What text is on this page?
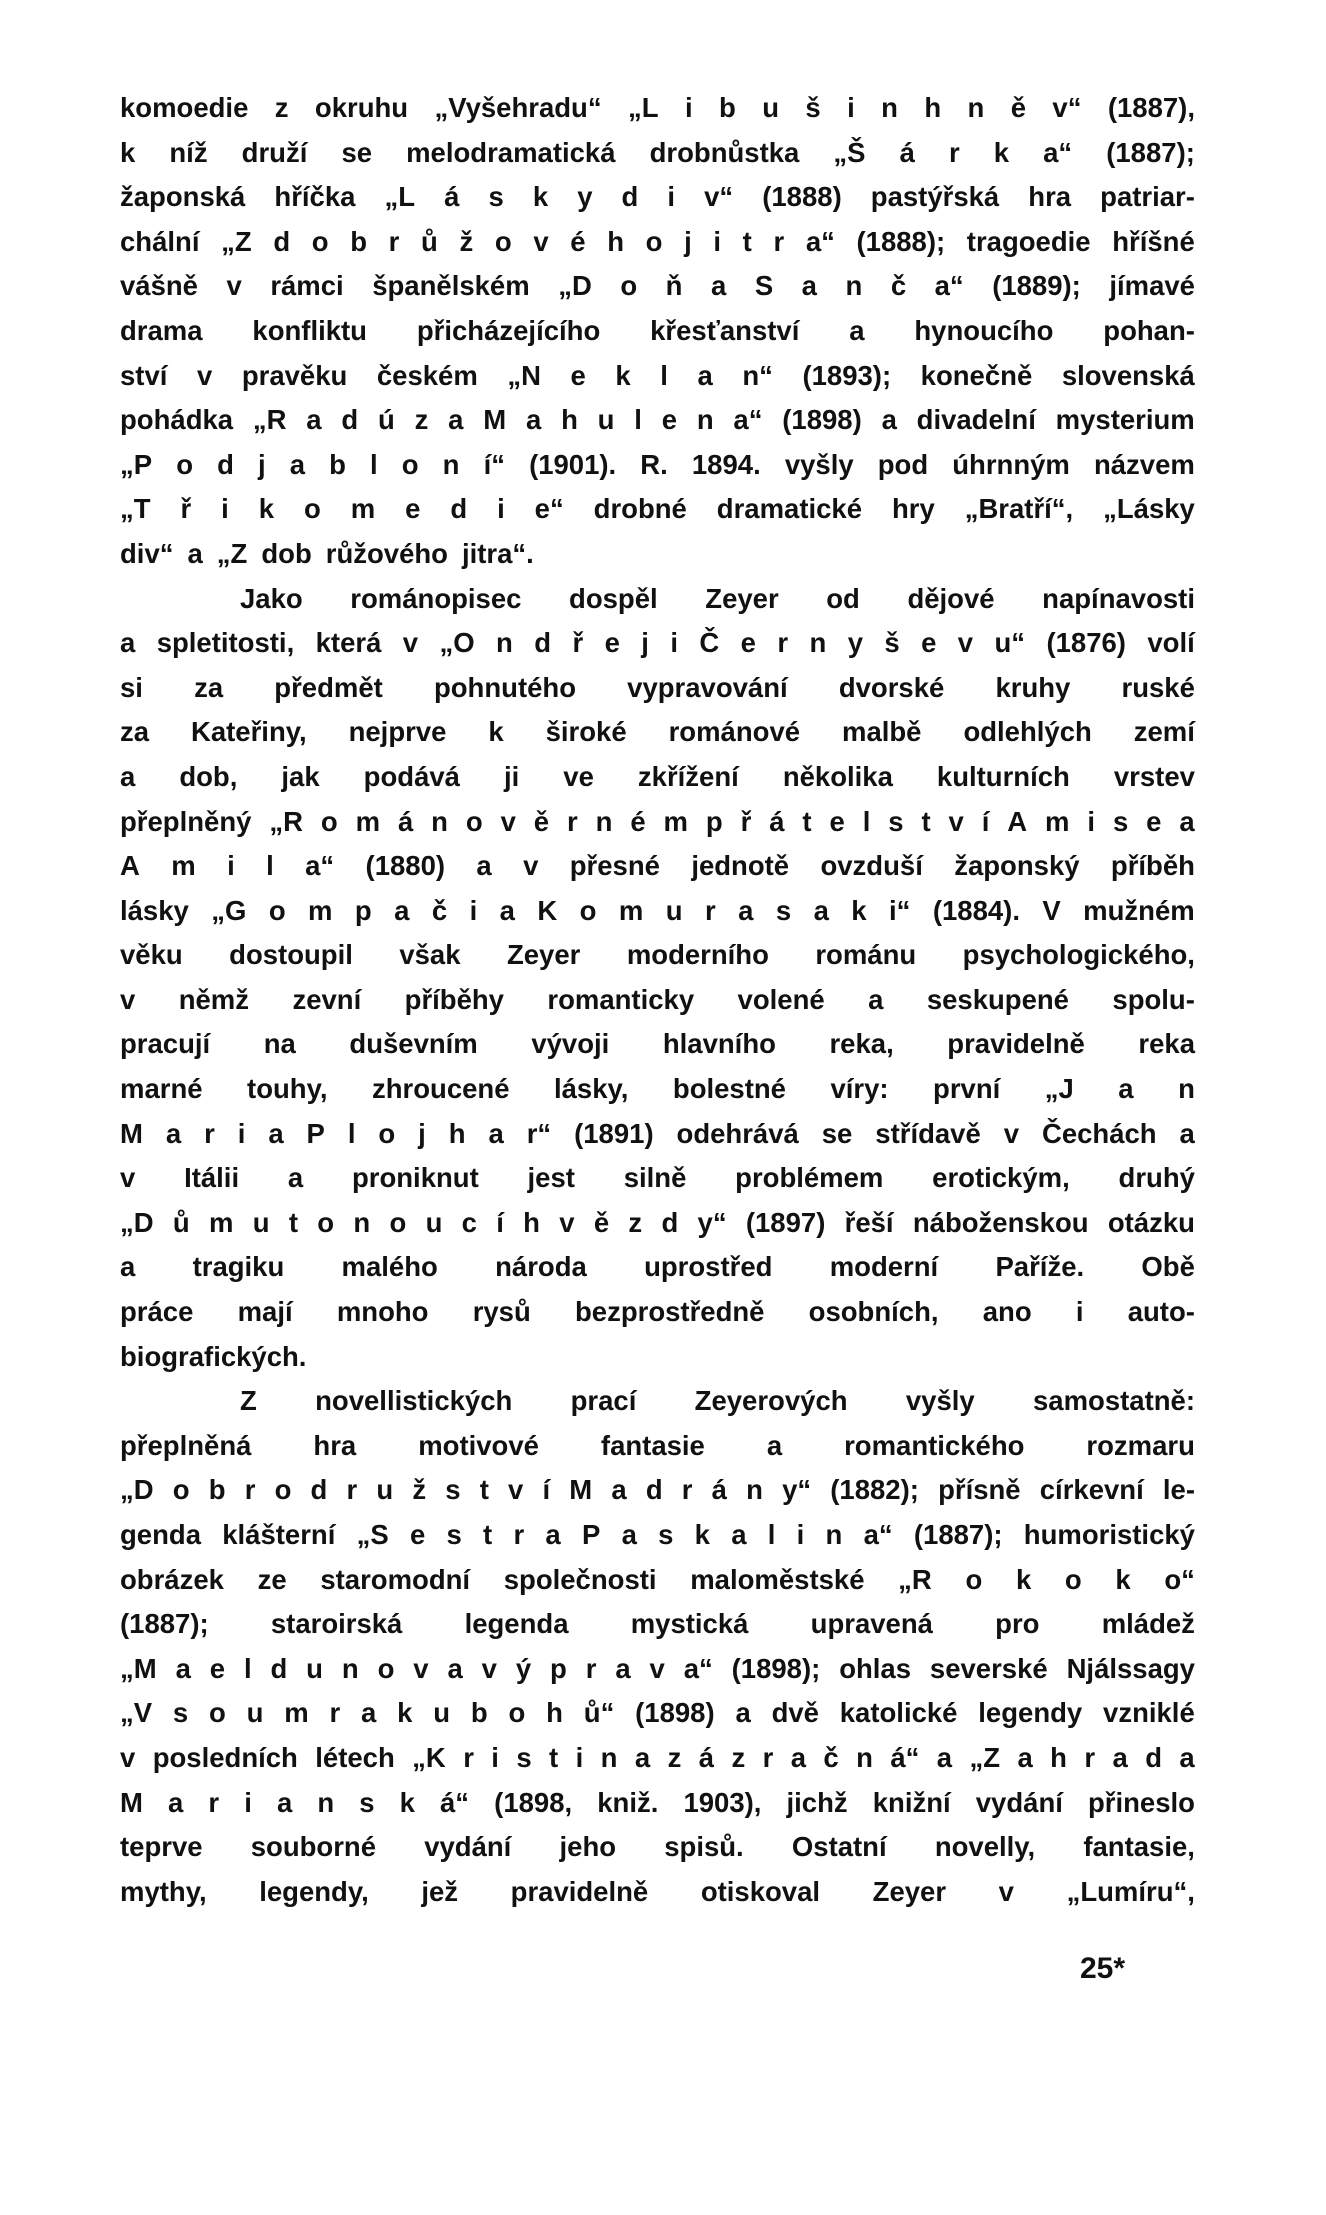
komoedie z okruhu „Vyšehradu“ „L i b u š i n h n ě v“ (1887),
k níž druží se melodramatická drobnůstka „Š á r k a“ (1887);
žaponská hříčka „L á s k y d i v“ (1888) pastýřská hra patriar-
chální „Z d o b r ů ž o v é h o j i t r a“ (1888); tragoedie hříšné
vášně v rámci španělském „D o ň a S a n č a“ (1889); jímavé
drama konfliktu přicházejícího křesťanství a hynoucího pohan-
ství v pravěku českém „N e k l a n“ (1893); konečně slovenská
pohádka „R a d ú z a M a h u l e n a“ (1898) a divadelní mysterium
„P o d j a b l o n í“ (1901). R. 1894. vyšly pod úhrnným názvem
„T ř i k o m e d i e“ drobné dramatické hry „Bratří“, „Lásky
div“ a „Z dob růžového jitra“.
Jako románopisec dospěl Zeyer od dějové napínavosti
a spletitosti, která v „O n d ř e j i Č e r n y š e v u“ (1876) volí
si za předmět pohnutého vypravování dvorské kruhy ruské
za Kateřiny, nejprve k široké románové malbě odlehlých zemí
a dob, jak podává ji ve zkřížení několika kulturních vrstev
přeplněný „R o m á n o v ě r n é m p ř á t e l s t v í A m i s e a
A m i l a“ (1880) a v přesné jednotě ovzduší žaponský příběh
lásky „G o m p a č i a K o m u r a s a k i“ (1884). V mužném
věku dostoupil však Zeyer moderního románu psychologického,
v němž zevní příběhy romanticky volené a seskupené spolu-
pracují na duševním vývoji hlavního reka, pravidelně reka
marné touhy, zhroucené lásky, bolestné víry: první „J a n
M a r i a P l o j h a r“ (1891) odehrává se střídavě v Čechách a
v Itálii a proniknut jest silně problémem erotickým, druhý
„D ů m u t o n o u c í h v ě z d y“ (1897) řeší náboženskou otázku
a tragiku malého národa uprostřed moderní Paříže. Obě
práce mají mnoho rysů bezprostředně osobních, ano i auto-
biografických.
Z novellistických prací Zeyerových vyšly samostatně:
přeplněná hra motivové fantasie a romantického rozmaru
„D o b r o d r u ž s t v í M a d r á n y“ (1882); přísně církevní le-
genda klášterní „S e s t r a P a s k a l i n a“ (1887); humoristický
obrázek ze staromodní společnosti maloměstské „R o k o k o“
(1887); staroirská legenda mystická upravená pro mládež
„M a e l d u n o v a v ý p r a v a“ (1898); ohlas severské Njálssagy
„V s o u m r a k u b o h ů“ (1898) a dvě katolické legendy vzniklé
v posledních létech „K r i s t i n a z á z r a č n á“ a „Z a h r a d a
M a r i a n s k á“ (1898, kniž. 1903), jichž knižní vydání přineslo
teprve souborné vydání jeho spisů. Ostatní novelly, fantasie,
mythy, legendy, jež pravidelně otiskoval Zeyer v „Lumíru“,
25*
